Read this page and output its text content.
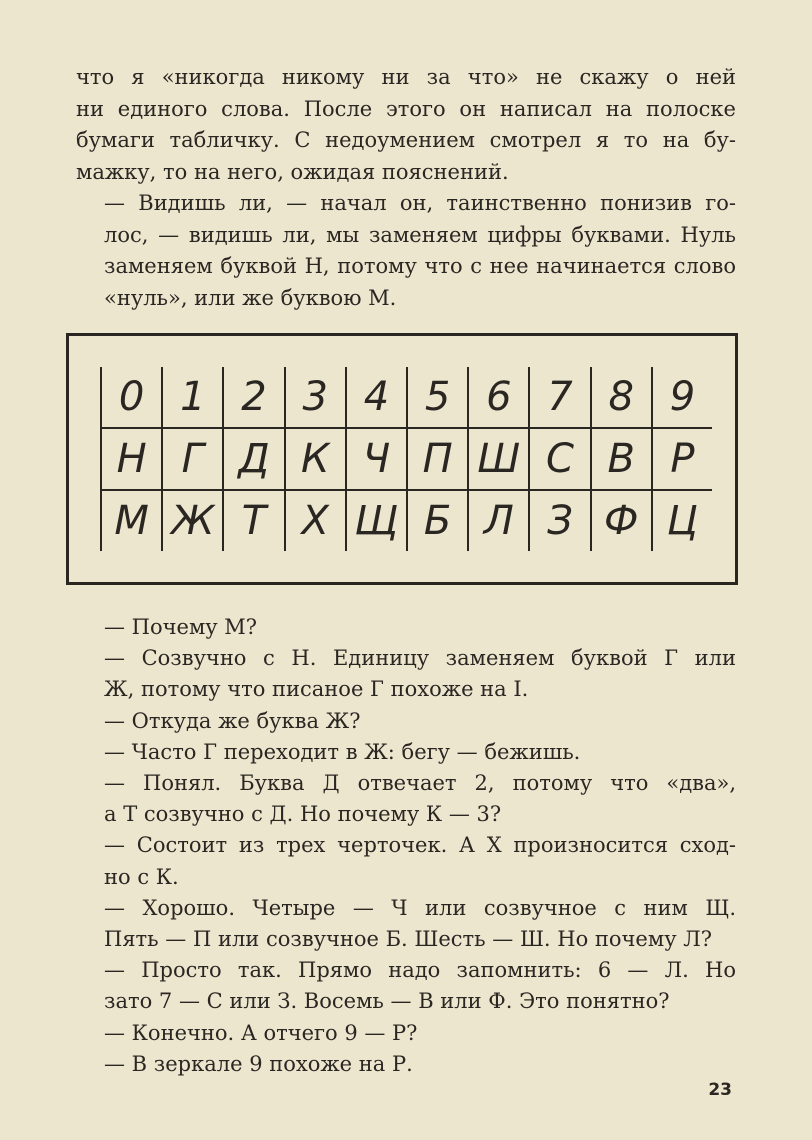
что я «никогда никому ни за что» не скажу о ней
ни единого слова. После этого он написал на полоске
бумаги табличку. С недоумением смотрел я то на бу-
мажку, то на него, ожидая пояснений.

— Видишь ли, — начал он, таинственно понизив го-
лос, — видишь ли, мы заменяем цифры буквами. Нуль
заменяем буквой Н, потому что с нее начинается слово
«нуль», или же буквою М.

0	1	2	3	4	5	6	7	8	9
Н	Г	Д	К	Ч	П	Ш	С	В	Р
М	Ж	Т	Х	Щ	Б	Л	З	Ф	Ц

— Почему М?

— Созвучно с Н. Единицу заменяем буквой Г или
Ж, потому что писаное Г похоже на I.

— Откуда же буква Ж?

— Часто Г переходит в Ж: бегу — бежишь.

— Понял. Буква Д отвечает 2, потому что «два»,
а Т созвучно с Д. Но почему К — 3?

— Состоит из трех черточек. А Х произносится сход-
но с К.

— Хорошо. Четыре — Ч или созвучное с ним Щ.
Пять — П или созвучное Б. Шесть — Ш. Но почему Л?

— Просто так. Прямо надо запомнить: 6 — Л. Но
зато 7 — С или З. Восемь — В или Ф. Это понятно?

— Конечно. А отчего 9 — Р?

— В зеркале 9 похоже на Р.

23
